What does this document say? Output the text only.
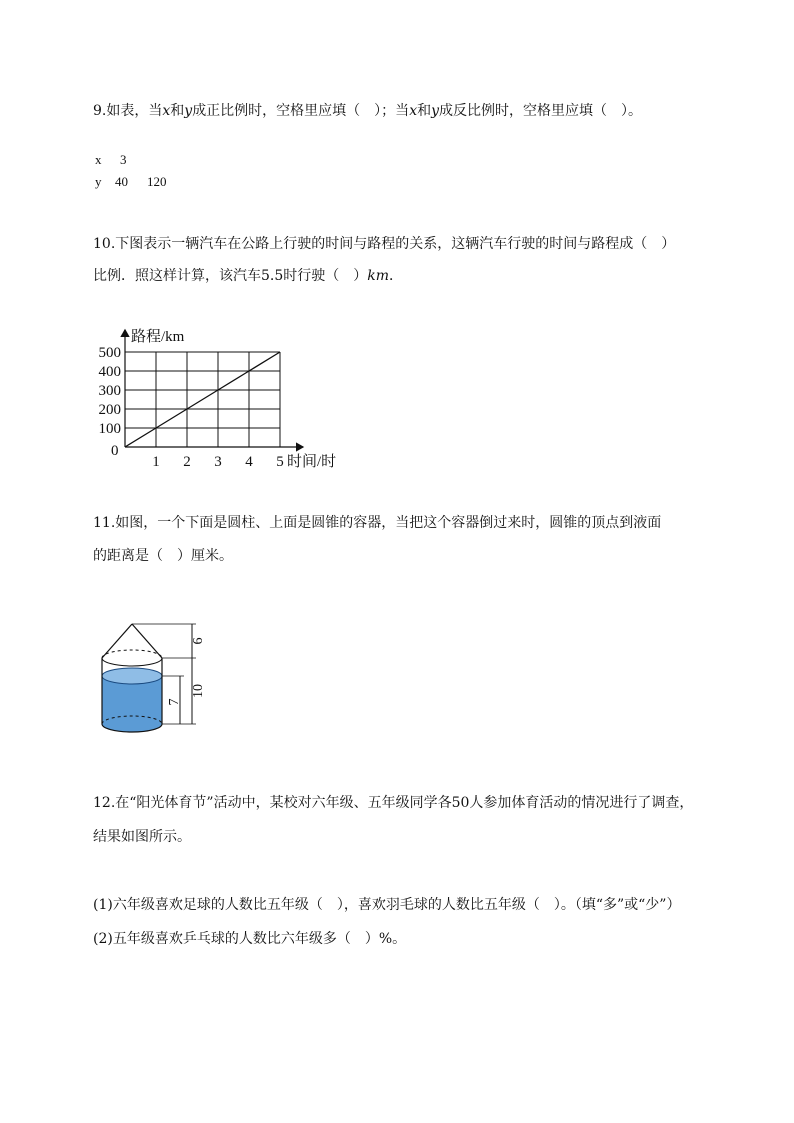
9.如表，当x和y成正比例时，空格里应填（　）；当x和y成反比例时，空格里应填（　）。
x 3
y 40 120
10.下图表示一辆汽车在公路上行驶的时间与路程的关系，这辆汽车行驶的时间与路程成（　）
比例．照这样计算，该汽车5.5时行驶（　）km．
路程/km
时间/时
0
500
400
300
200
100
1 2 3 4 5
11.如图，一个下面是圆柱、上面是圆锥的容器，当把这个容器倒过来时，圆锥的顶点到液面
的距离是（　）厘米。
6
10
7
12.在“阳光体育节”活动中，某校对六年级、五年级同学各50人参加体育活动的情况进行了调查，
结果如图所示。
(1)六年级喜欢足球的人数比五年级（　），喜欢羽毛球的人数比五年级（　）。（填“多”或“少”）
(2)五年级喜欢乒乓球的人数比六年级多（　）%。
